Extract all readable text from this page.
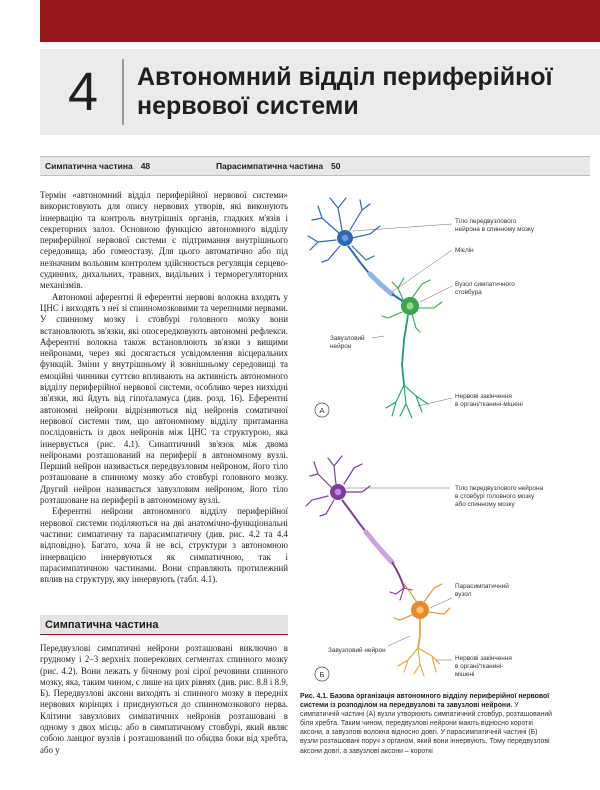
4	Автономний відділ периферійної
нервової системи
Симпатична частина 48	Парасимпатична частина 50

Термін «автономний відділ периферійної нервової системи» використовують для опису нервових утворів, які виконують іннервацію та контроль внутрішніх органів, гладких м'язів і секреторних залоз. Основною функцією автономного відділу периферійної нервової системи є підтримання внутрішнього середовища, або гомеостазу. Для цього автоматично або під незначним вольовим контролем здійснюється регуляція серцево-судинних, дихальних, травних, видільних і терморегуляторних механізмів.

Автономні аферентні й еферентні нервові волокна входять у ЦНС і виходять з неї зі спинномозковими та черепними нервами. У спинному мозку і стовбурі головного мозку вони встановлюють зв'язки, які опосередковують автономні рефлекси. Аферентні волокна також встановлюють зв'язки з вищими нейронами, через які досягається усвідомлення вісцеральних функцій. Зміни у внутрішньому й зовнішньому середовищі та емоційні чинники суттєво впливають на активність автономного відділу периферійної нервової системи, особливо через низхідні зв'язки, які йдуть від гіпоталамуса (див. розд. 16). Еферентні автономні нейрони відрізняються від нейронів соматичної нервової системи тим, що автономному відділу притаманна послідовність із двох нейронів між ЦНС та структурою, яка іннервується (рис. 4.1). Синаптичний зв'язок між двома нейронами розташований на периферії в автономному вузлі. Перший нейрон називається передвузловим нейроном, його тіло розташоване в спинному мозку або стовбурі головного мозку. Другий нейрон називається завузловим нейроном, його тіло розташоване на периферії в автономному вузлі.

Еферентні нейрони автономного відділу периферійної нервової системи поділяються на дві анатомічно-функціональні частини: симпатичну та парасимпатичну (див. рис. 4.2 та 4.4 відповідно). Багато, хоча й не всі, структури з автономною іннервацією іннервуються як симпатичною, так і парасимпатичною частинами. Вони справляють протилежний вплив на структуру, яку іннервують (табл. 4.1).

Симпатична частина

Передвузлові симпатичні нейрони розташовані виключно в грудному і 2–3 верхніх поперекових сегментах спинного мозку (рис. 4.2). Вони лежать у бічному розі сірої речовини спинного мозку, яка, таким чином, є лише на цих рівнях (див. рис. 8.8 і 8.9, Б). Передвузлові аксони виходять зі спинного мозку в передніх нервових корінцях і приєднуються до спинномозкового нерва. Клітини завузлових симпатичних нейронів розташовані в одному з двох місць: або в симпатичному стовбурі, який являє собою ланцюг вузлів і розташований по обидва боки від хребта, або у

Тіло передвузлового
нейрона в спинному мозку
Мієлін
Вузол симпатичного
стовбура
Завузловий
нейрон
Нервові закінчення
в органі/тканині-мішені
А
Тіло передвузлового нейрона
в стовбурі головного мозку
або спинному мозку
Парасимпатичний
вузол
Завузловий нейрон
Нервові закінчення
в органі/тканині-
мішені
Б
Рис. 4.1. Базова організація автономного відділу периферійної нервової системи із розподілом на передвузлові та завузлові нейрони. У симпатичній частині (А) вузли утворюють симпатичний стовбур, розташований біля хребта. Таким чином, передвузлові нейрони мають відносно короткі аксони, а завузлові волокна відносно довгі. У парасимпатичній частині (Б) вузли розташовані поруч з органом, який вони іннервують. Тому передвузлові аксони довгі, а завузлові аксони – короткі
